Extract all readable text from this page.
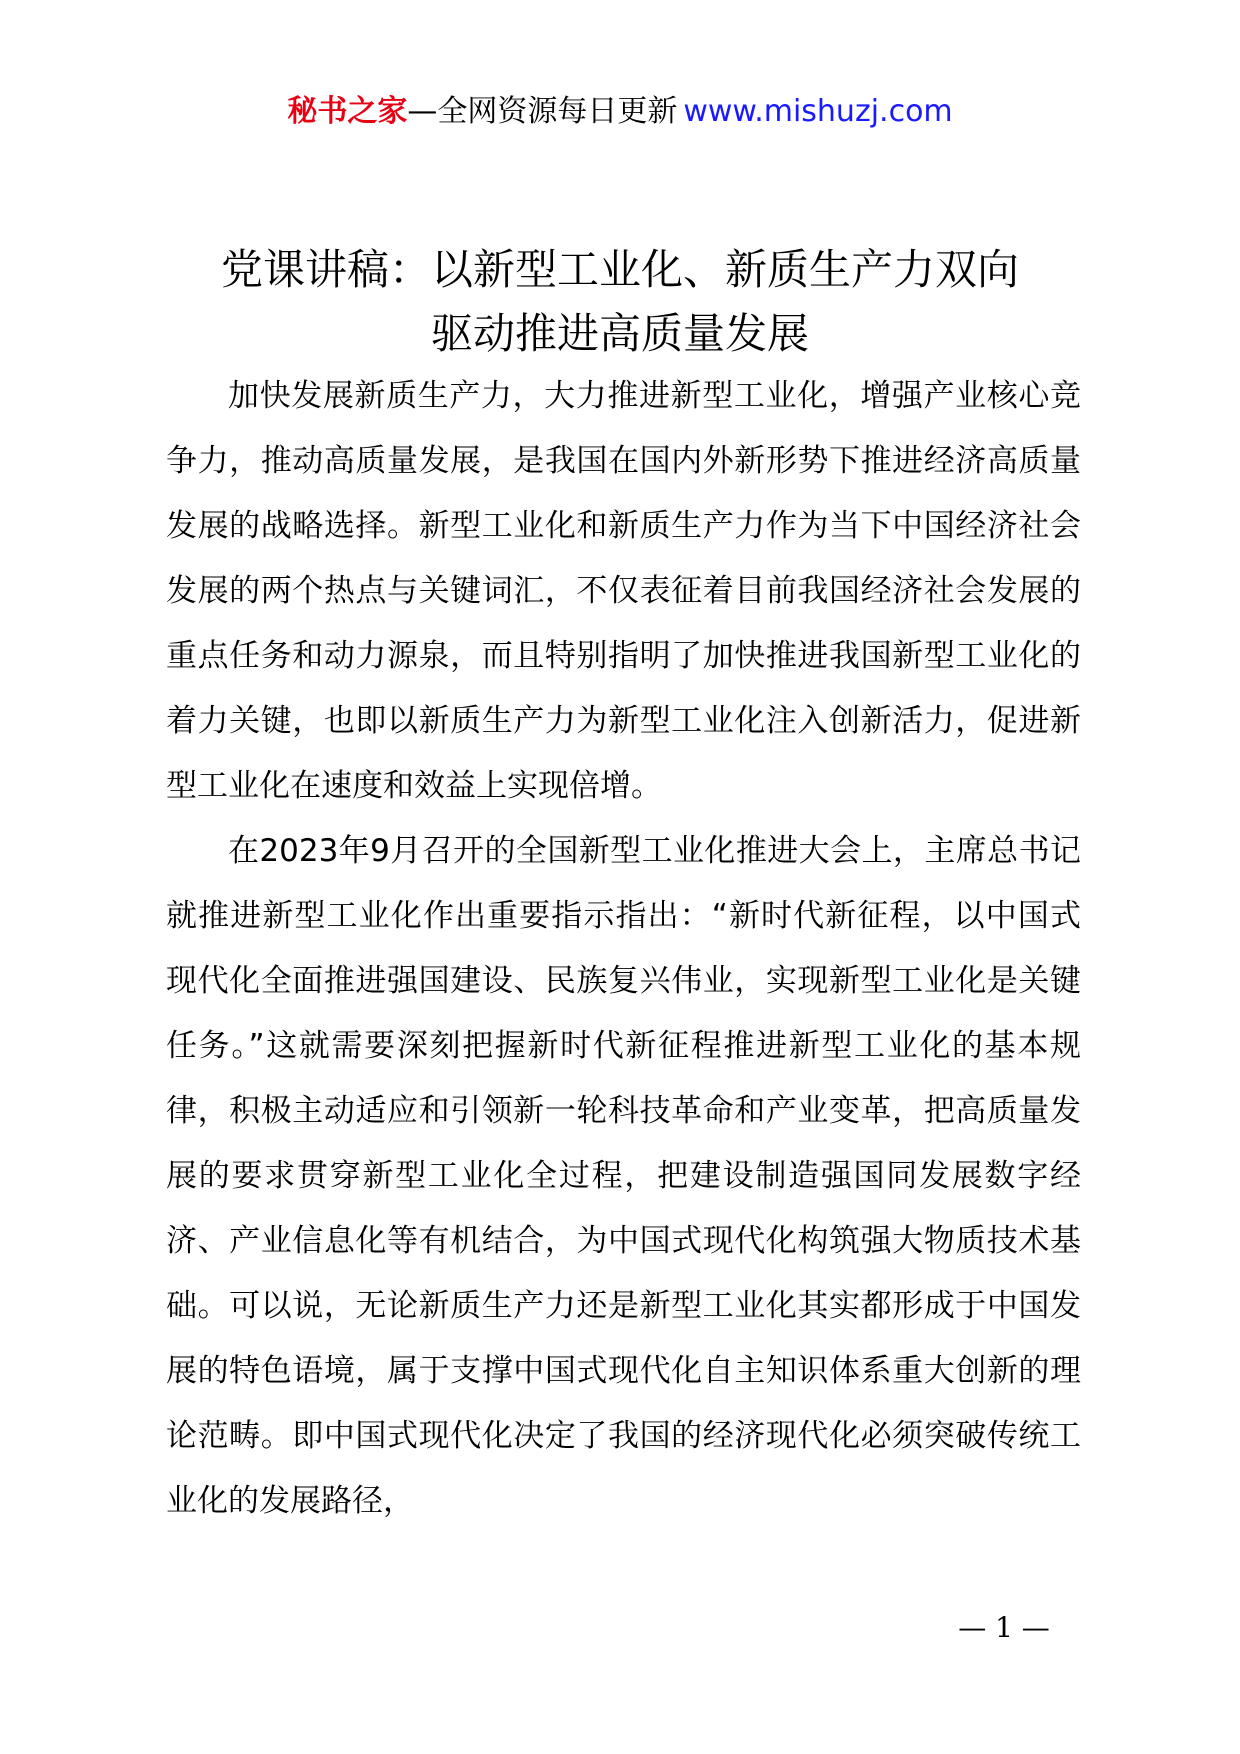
秘书之家—全网资源每日更新 www.mishuzj.com
党课讲稿：以新型工业化、新质生产力双向
驱动推进高质量发展

加快发展新质生产力，大力推进新型工业化，增强产业核心竞争力，推动高质量发展，是我国在国内外新形势下推进经济高质量发展的战略选择。新型工业化和新质生产力作为当下中国经济社会发展的两个热点与关键词汇，不仅表征着目前我国经济社会发展的重点任务和动力源泉，而且特别指明了加快推进我国新型工业化的着力关键，也即以新质生产力为新型工业化注入创新活力，促进新型工业化在速度和效益上实现倍增。

在2023年9月召开的全国新型工业化推进大会上，主席总书记就推进新型工业化作出重要指示指出：“新时代新征程，以中国式现代化全面推进强国建设、民族复兴伟业，实现新型工业化是关键任务。”这就需要深刻把握新时代新征程推进新型工业化的基本规律，积极主动适应和引领新一轮科技革命和产业变革，把高质量发展的要求贯穿新型工业化全过程，把建设制造强国同发展数字经济、产业信息化等有机结合，为中国式现代化构筑强大物质技术基础。可以说，无论新质生产力还是新型工业化其实都形成于中国发展的特色语境，属于支撑中国式现代化自主知识体系重大创新的理论范畴。即中国式现代化决定了我国的经济现代化必须突破传统工业化的发展路径，

— 1 —
